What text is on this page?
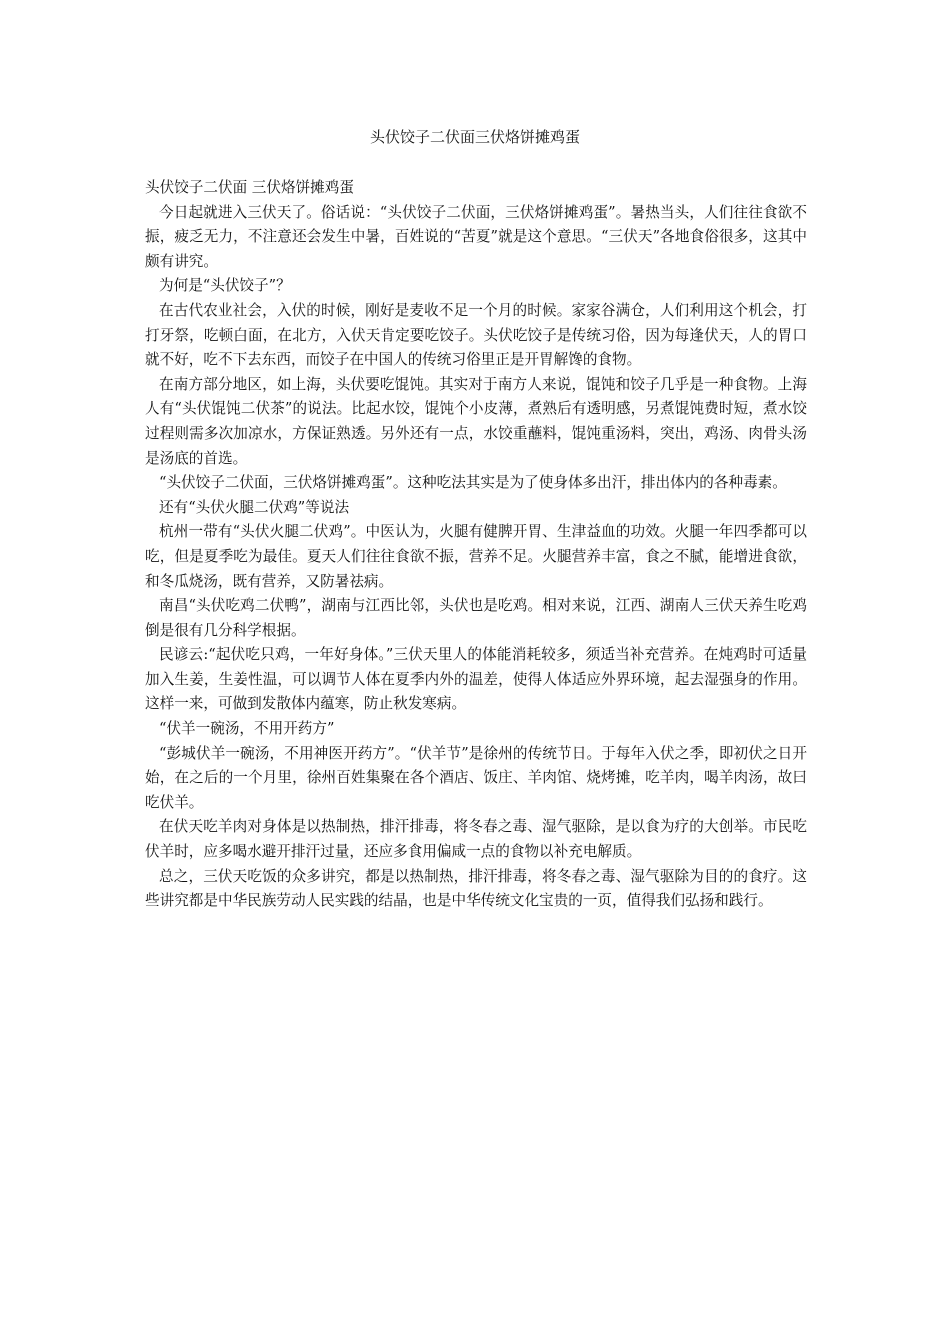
头伏饺子二伏面三伏烙饼摊鸡蛋

头伏饺子二伏面 三伏烙饼摊鸡蛋

今日起就进入三伏天了。俗话说：“头伏饺子二伏面，三伏烙饼摊鸡蛋”。暑热当头，人们往往食欲不振，疲乏无力，不注意还会发生中暑，百姓说的“苦夏”就是这个意思。“三伏天”各地食俗很多，这其中颇有讲究。

为何是“头伏饺子”？

在古代农业社会，入伏的时候，刚好是麦收不足一个月的时候。家家谷满仓，人们利用这个机会，打打牙祭，吃顿白面，在北方，入伏天肯定要吃饺子。头伏吃饺子是传统习俗，因为每逢伏天，人的胃口就不好，吃不下去东西，而饺子在中国人的传统习俗里正是开胃解馋的食物。

在南方部分地区，如上海，头伏要吃馄饨。其实对于南方人来说，馄饨和饺子几乎是一种食物。上海人有“头伏馄饨二伏茶”的说法。比起水饺，馄饨个小皮薄，煮熟后有透明感，另煮馄饨费时短，煮水饺过程则需多次加凉水，方保证熟透。另外还有一点，水饺重蘸料，馄饨重汤料，突出，鸡汤、肉骨头汤是汤底的首选。

“头伏饺子二伏面，三伏烙饼摊鸡蛋”。这种吃法其实是为了使身体多出汗，排出体内的各种毒素。

还有“头伏火腿二伏鸡”等说法

杭州一带有“头伏火腿二伏鸡”。中医认为，火腿有健脾开胃、生津益血的功效。火腿一年四季都可以吃，但是夏季吃为最佳。夏天人们往往食欲不振，营养不足。火腿营养丰富，食之不腻，能增进食欲，和冬瓜烧汤，既有营养，又防暑祛病。

南昌“头伏吃鸡二伏鸭”，湖南与江西比邻，头伏也是吃鸡。相对来说，江西、湖南人三伏天养生吃鸡倒是很有几分科学根据。

民谚云:“起伏吃只鸡，一年好身体。”三伏天里人的体能消耗较多，须适当补充营养。在炖鸡时可适量加入生姜，生姜性温，可以调节人体在夏季内外的温差，使得人体适应外界环境，起去湿强身的作用。这样一来，可做到发散体内蕴寒，防止秋发寒病。

“伏羊一碗汤，不用开药方”

“彭城伏羊一碗汤，不用神医开药方”。“伏羊节”是徐州的传统节日。于每年入伏之季，即初伏之日开始，在之后的一个月里，徐州百姓集聚在各个酒店、饭庄、羊肉馆、烧烤摊，吃羊肉，喝羊肉汤，故曰吃伏羊。

在伏天吃羊肉对身体是以热制热，排汗排毒，将冬春之毒、湿气驱除，是以食为疗的大创举。市民吃伏羊时，应多喝水避开排汗过量，还应多食用偏咸一点的食物以补充电解质。

总之，三伏天吃饭的众多讲究，都是以热制热，排汗排毒，将冬春之毒、湿气驱除为目的的食疗。这些讲究都是中华民族劳动人民实践的结晶，也是中华传统文化宝贵的一页，值得我们弘扬和践行。
